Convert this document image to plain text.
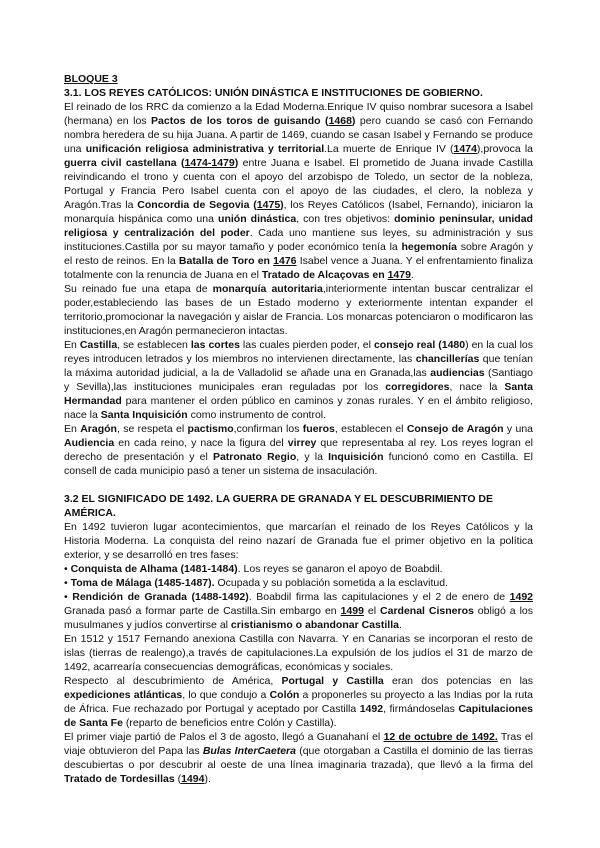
BLOQUE 3

3.1. LOS REYES CATÓLICOS: UNIÓN DINÁSTICA E INSTITUCIONES DE GOBIERNO.

El reinado de los RRC da comienzo a la Edad Moderna.Enrique IV quiso nombrar sucesora a Isabel (hermana) en los Pactos de los toros de guisando (1468) pero cuando se casó con Fernando nombra heredera de su hija Juana. A partir de 1469, cuando se casan Isabel y Fernando se produce una unificación religiosa administrativa y territorial.La muerte de Enrique IV (1474),provoca la guerra civil castellana (1474-1479) entre Juana e Isabel. El prometido de Juana invade Castilla reivindicando el trono y cuenta con el apoyo del arzobispo de Toledo, un sector de la nobleza, Portugal y Francia Pero Isabel cuenta con el apoyo de las ciudades, el clero, la nobleza y Aragón.Tras la Concordia de Segovia (1475), los Reyes Católicos (Isabel, Fernando), iniciaron la monarquía hispánica como una unión dinástica, con tres objetivos: dominio peninsular, unidad religiosa y centralización del poder. Cada uno mantiene sus leyes, su administración y sus instituciones.Castilla por su mayor tamaño y poder económico tenía la hegemonía sobre Aragón y el resto de reinos. En la Batalla de Toro en 1476 Isabel vence a Juana. Y el enfrentamiento finaliza totalmente con la renuncia de Juana en el Tratado de Alcaçovas en 1479.

Su reinado fue una etapa de monarquía autoritaria,interiormente intentan buscar centralizar el poder,estableciendo las bases de un Estado moderno y exteriormente intentan expander el territorio,promocionar la navegación y aislar de Francia. Los monarcas potenciaron o modificaron las instituciones,en Aragón permanecieron intactas.

En Castilla, se establecen las cortes las cuales pierden poder, el consejo real (1480) en la cual los reyes introducen letrados y los miembros no intervienen directamente, las chancillerías que tenían la máxima autoridad judicial, a la de Valladolid se añade una en Granada,las audiencias (Santiago y Sevilla),las instituciones municipales eran reguladas por los corregidores, nace la Santa Hermandad para mantener el orden público en caminos y zonas rurales. Y en el ámbito religioso, nace la Santa Inquisición como instrumento de control.

En Aragón, se respeta el pactismo,confirman los fueros, establecen el Consejo de Aragón y una Audiencia en cada reino, y nace la figura del virrey que representaba al rey. Los reyes logran el derecho de presentación y el Patronato Regio, y la Inquisición funcionó como en Castilla. El consell de cada municipio pasó a tener un sistema de insaculación.

3.2 EL SIGNIFICADO DE 1492. LA GUERRA DE GRANADA Y EL DESCUBRIMIENTO DE AMÉRICA.

En 1492 tuvieron lugar acontecimientos, que marcarían el reinado de los Reyes Católicos y la Historia Moderna. La conquista del reino nazarí de Granada fue el primer objetivo en la política exterior, y se desarrolló en tres fases:

• Conquista de Alhama (1481-1484). Los reyes se ganaron el apoyo de Boabdil.

• Toma de Málaga (1485-1487). Ocupada y su población sometida a la esclavitud.

• Rendición de Granada (1488-1492). Boabdil firma las capitulaciones y el 2 de enero de 1492 Granada pasó a formar parte de Castilla.Sin embargo en 1499 el Cardenal Cisneros obligó a los musulmanes y judíos convertirse al cristianismo o abandonar Castilla.

En 1512 y 1517 Fernando anexiona Castilla con Navarra. Y en Canarias se incorporan el resto de islas (tierras de realengo),a través de capitulaciones.La expulsión de los judíos el 31 de marzo de 1492, acarrearía consecuencias demográficas, económicas y sociales.

Respecto al descubrimiento de América, Portugal y Castilla eran dos potencias en las expediciones atlánticas, lo que condujo a Colón a proponerles su proyecto a las Indias por la ruta de África. Fue rechazado por Portugal y aceptado por Castilla 1492, firmándoselas Capitulaciones de Santa Fe (reparto de beneficios entre Colón y Castilla).

El primer viaje partió de Palos el 3 de agosto, llegó a Guanahaní el 12 de octubre de 1492. Tras el viaje obtuvieron del Papa las Bulas InterCaetera (que otorgaban a Castilla el dominio de las tierras descubiertas o por descubrir al oeste de una línea imaginaria trazada), que llevó a la firma del Tratado de Tordesillas (1494).
